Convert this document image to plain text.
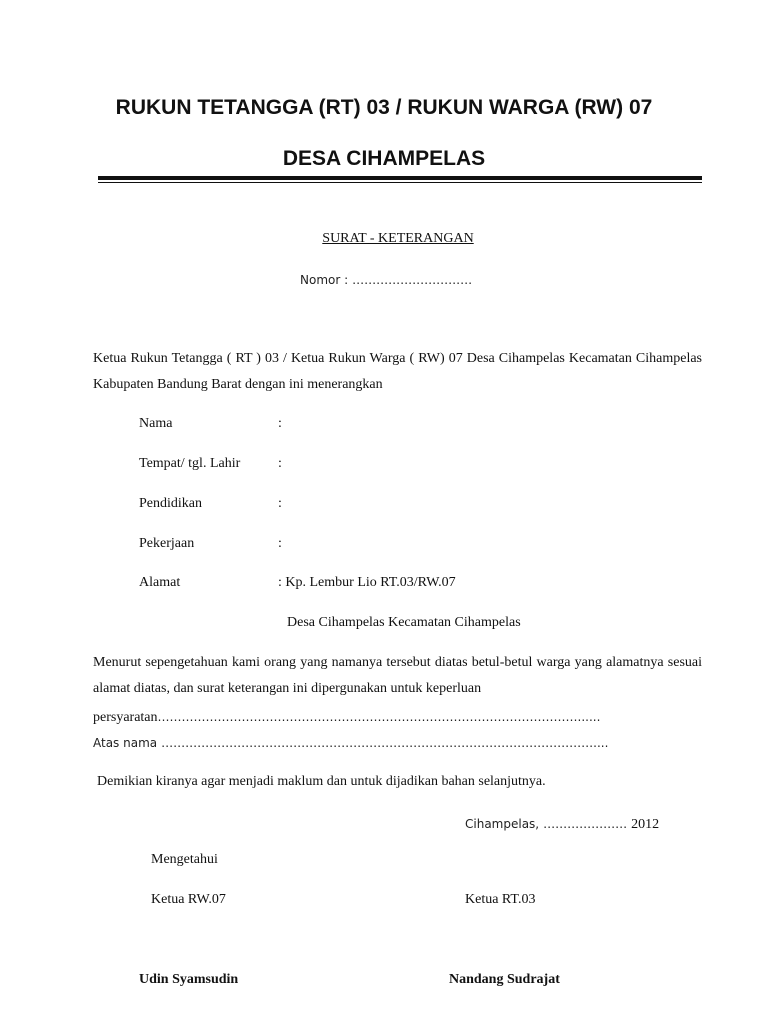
RUKUN TETANGGA (RT) 03 / RUKUN WARGA (RW) 07
DESA CIHAMPELAS
SURAT - KETERANGAN
Nomor : …………………………
Ketua Rukun Tetangga ( RT ) 03 / Ketua Rukun Warga ( RW) 07 Desa Cihampelas Kecamatan Cihampelas Kabupaten Bandung Barat dengan ini menerangkan
Nama	:
Tempat/ tgl. Lahir	:
Pendidikan	:
Pekerjaan	:
Alamat	: Kp. Lembur Lio RT.03/RW.07
Desa Cihampelas Kecamatan Cihampelas
Menurut sepengetahuan kami orang yang namanya tersebut diatas betul-betul warga yang alamatnya sesuai alamat diatas, dan surat keterangan ini dipergunakan untuk keperluan
persyaratan……………………………………………………………………………………………......
Atas nama ………………………………………………………………………………………………....
Demikian kiranya agar menjadi maklum dan untuk dijadikan bahan selanjutnya.
Cihampelas, ………………… 2012
Mengetahui
Ketua RW.07	Ketua RT.03
Udin Syamsudin	Nandang Sudrajat
